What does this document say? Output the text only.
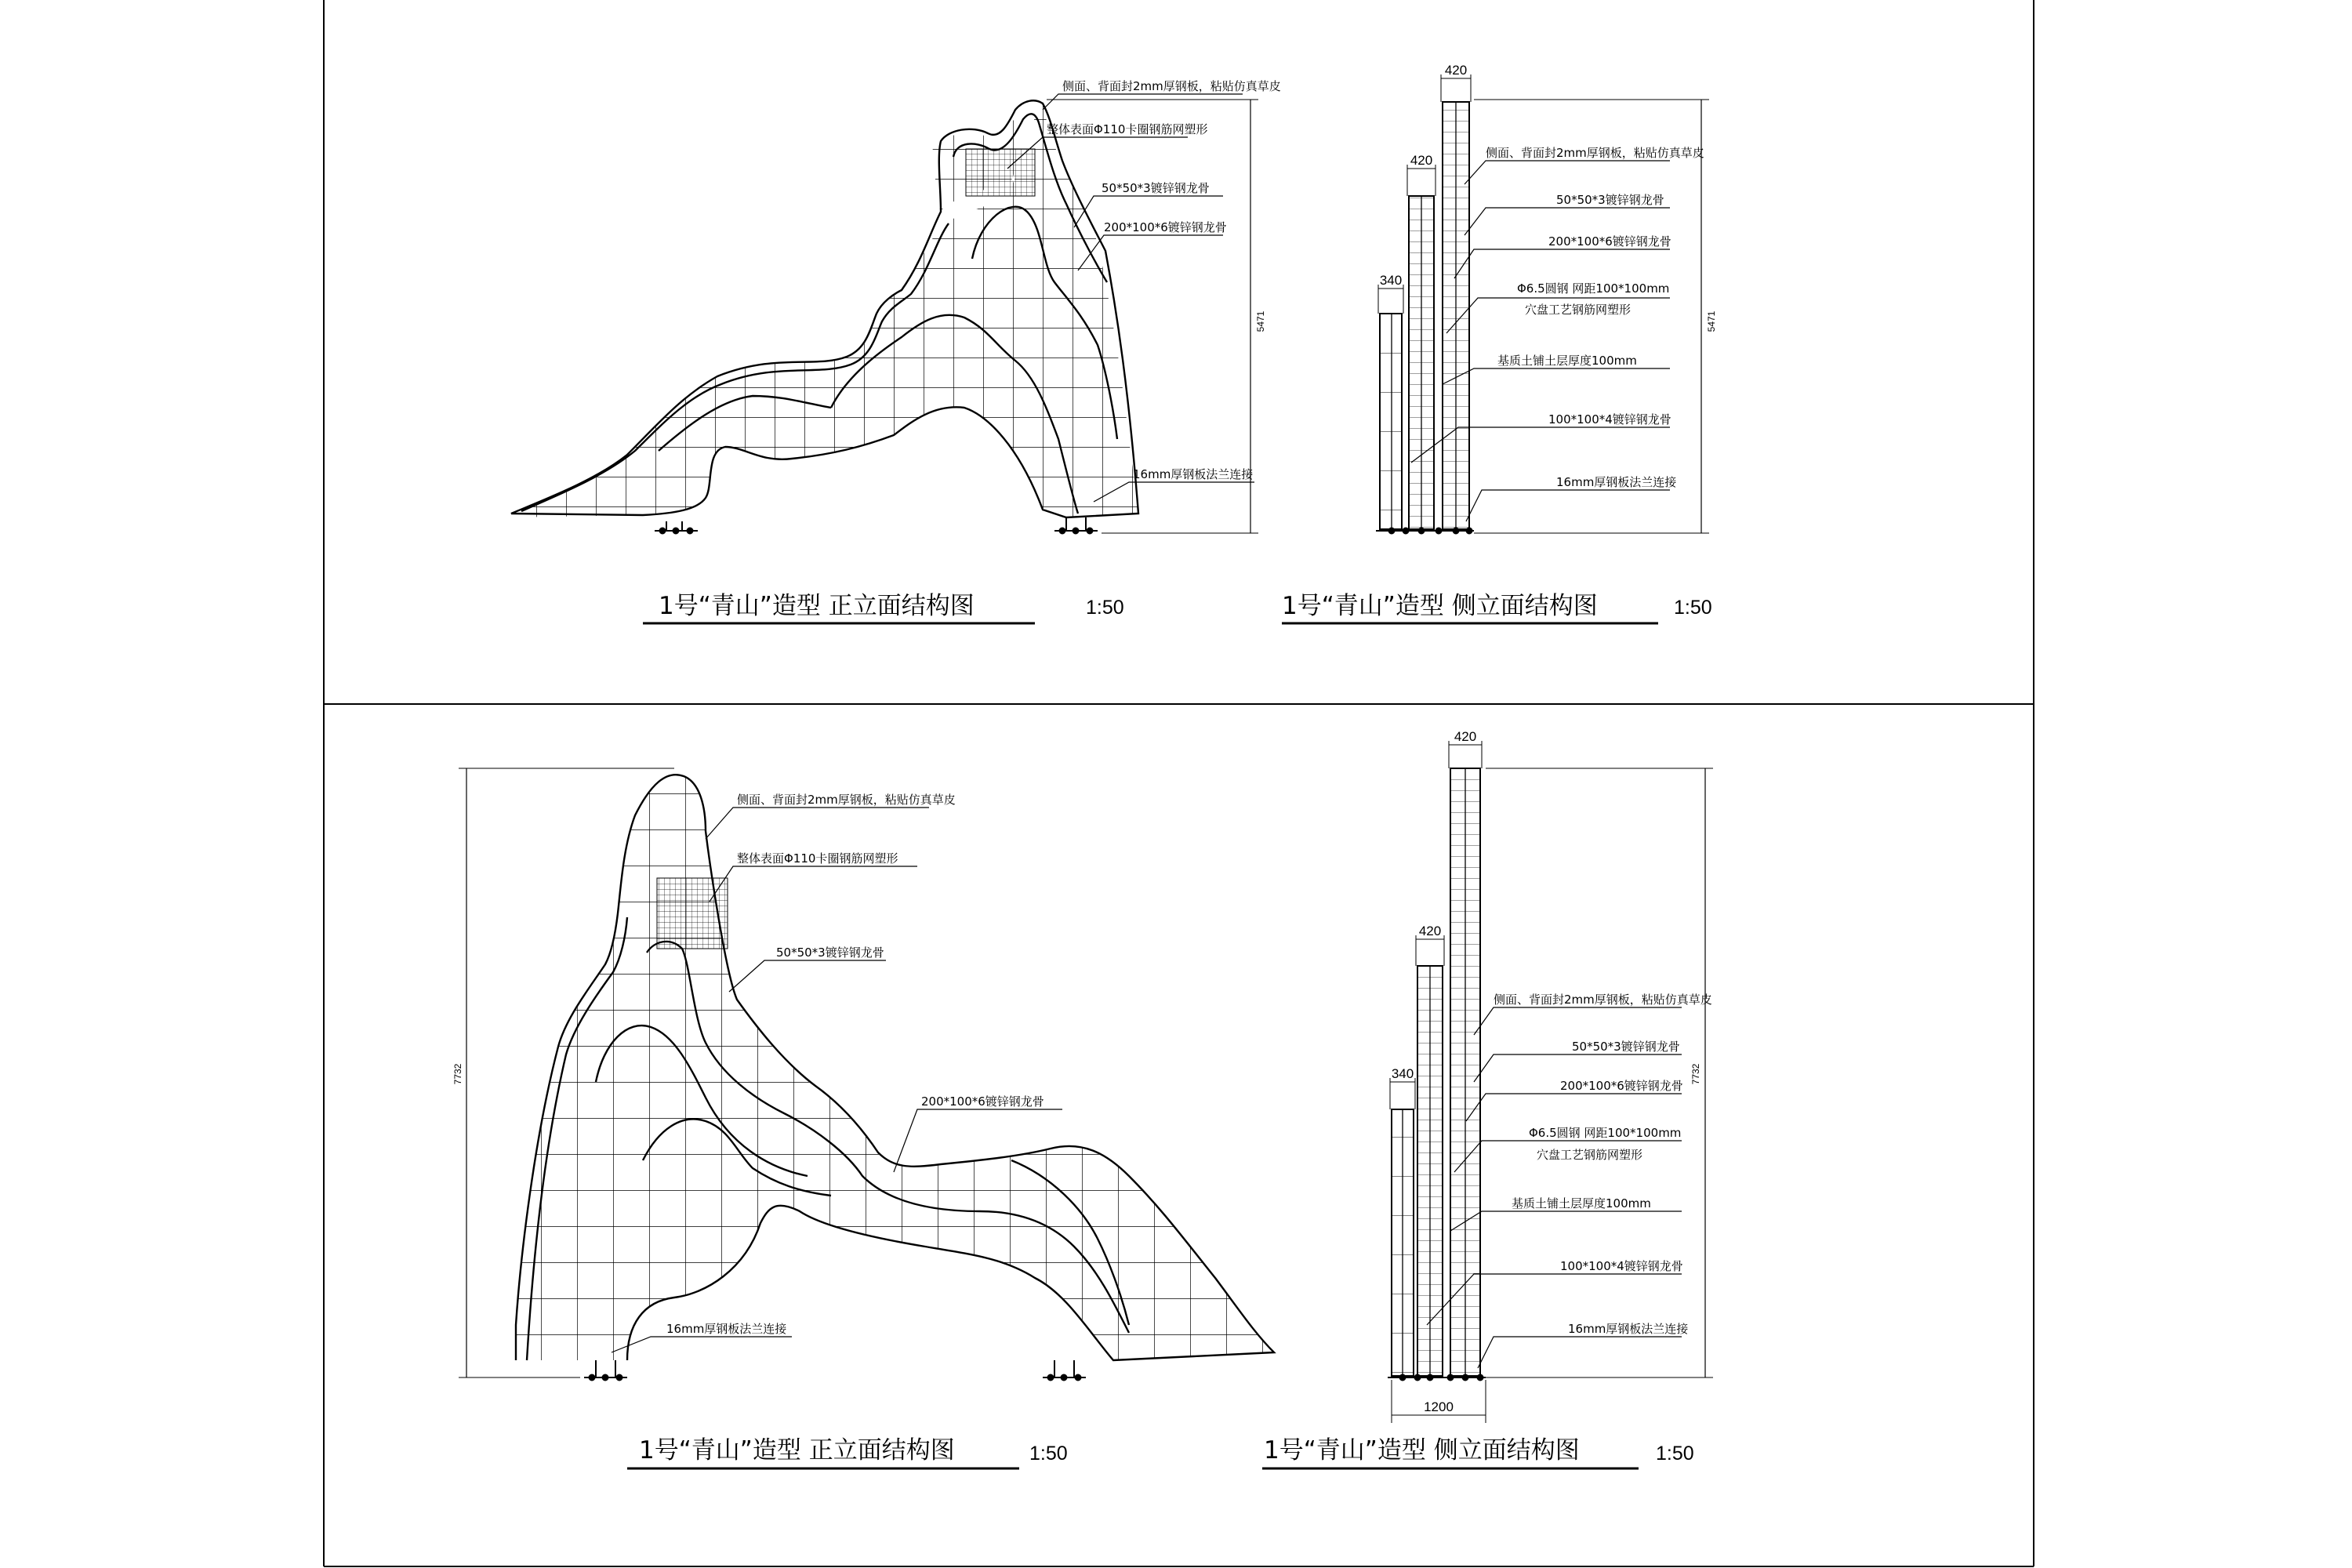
5471
侧面、背面封2mm厚钢板，粘贴仿真草皮
整体表面Φ110卡圈钢筋网塑形
50*50*3镀锌钢龙骨
200*100*6镀锌钢龙骨
16mm厚钢板法兰连接
1号“青山”造型 正立面结构图	1:50
420
420
340
5471
侧面、背面封2mm厚钢板，粘贴仿真草皮
50*50*3镀锌钢龙骨
200*100*6镀锌钢龙骨
Φ6.5圆钢 网距100*100mm
穴盘工艺钢筋网塑形
基质土铺土层厚度100mm
100*100*4镀锌钢龙骨
16mm厚钢板法兰连接
1号“青山”造型 侧立面结构图	1:50
7732
侧面、背面封2mm厚钢板，粘贴仿真草皮
整体表面Φ110卡圈钢筋网塑形
50*50*3镀锌钢龙骨
200*100*6镀锌钢龙骨
16mm厚钢板法兰连接
1号“青山”造型 正立面结构图	1:50
420
420
340
1200
7732
侧面、背面封2mm厚钢板，粘贴仿真草皮
50*50*3镀锌钢龙骨
200*100*6镀锌钢龙骨
Φ6.5圆钢 网距100*100mm
穴盘工艺钢筋网塑形
基质土铺土层厚度100mm
100*100*4镀锌钢龙骨
16mm厚钢板法兰连接
1号“青山”造型 侧立面结构图	1:50
